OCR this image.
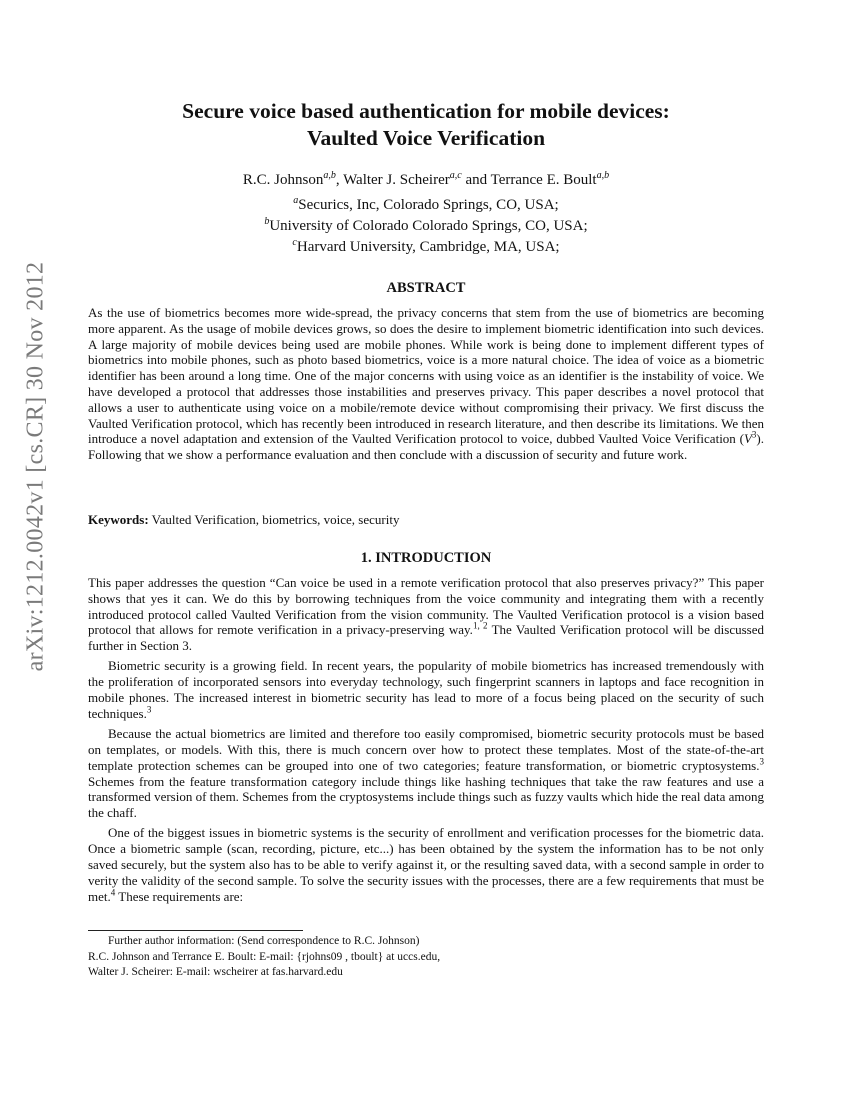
arXiv:1212.0042v1 [cs.CR] 30 Nov 2012
Secure voice based authentication for mobile devices:
Vaulted Voice Verification
R.C. Johnson$^{a,b}$, Walter J. Scheirer$^{a,c}$ and Terrance E. Boult$^{a,b}$
$^a$Securics, Inc, Colorado Springs, CO, USA;
$^b$University of Colorado Colorado Springs, CO, USA;
$^c$Harvard University, Cambridge, MA, USA;
ABSTRACT

As the use of biometrics becomes more wide-spread, the privacy concerns that stem from the use of biometrics are becoming more apparent. As the usage of mobile devices grows, so does the desire to implement biometric identification into such devices. A large majority of mobile devices being used are mobile phones. While work is being done to implement different types of biometrics into mobile phones, such as photo based biometrics, voice is a more natural choice. The idea of voice as a biometric identifier has been around a long time. One of the major concerns with using voice as an identifier is the instability of voice. We have developed a protocol that addresses those instabilities and preserves privacy. This paper describes a novel protocol that allows a user to authenticate using voice on a mobile/remote device without compromising their privacy. We first discuss the Vaulted Verification protocol, which has recently been introduced in research literature, and then describe its limitations. We then introduce a novel adaptation and extension of the Vaulted Verification protocol to voice, dubbed Vaulted Voice Verification (V$^3$). Following that we show a performance evaluation and then conclude with a discussion of security and future work.

Keywords: Vaulted Verification, biometrics, voice, security
1. INTRODUCTION

This paper addresses the question “Can voice be used in a remote verification protocol that also preserves privacy?” This paper shows that yes it can. We do this by borrowing techniques from the voice community and integrating them with a recently introduced protocol called Vaulted Verification from the vision community. The Vaulted Verification protocol is a vision based protocol that allows for remote verification in a privacy-preserving way.$^{1, 2}$ The Vaulted Verification protocol will be discussed further in Section 3.

Biometric security is a growing field. In recent years, the popularity of mobile biometrics has increased tremendously with the proliferation of incorporated sensors into everyday technology, such fingerprint scanners in laptops and face recognition in mobile phones. The increased interest in biometric security has lead to more of a focus being placed on the security of such techniques.$^3$

Because the actual biometrics are limited and therefore too easily compromised, biometric security protocols must be based on templates, or models. With this, there is much concern over how to protect these templates. Most of the state-of-the-art template protection schemes can be grouped into one of two categories; feature transformation, or biometric cryptosystems.$^3$ Schemes from the feature transformation category include things like hashing techniques that take the raw features and use a transformed version of them. Schemes from the cryptosystems include things such as fuzzy vaults which hide the real data among the chaff.

One of the biggest issues in biometric systems is the security of enrollment and verification processes for the biometric data. Once a biometric sample (scan, recording, picture, etc...) has been obtained by the system the information has to be not only saved securely, but the system also has to be able to verify against it, or the resulting saved data, with a second sample in order to verity the validity of the second sample. To solve the security issues with the processes, there are a few requirements that must be met.$^4$ These requirements are:

Further author information: (Send correspondence to R.C. Johnson)
R.C. Johnson and Terrance E. Boult: E-mail: {rjohns09 , tboult} at uccs.edu,
Walter J. Scheirer: E-mail: wscheirer at fas.harvard.edu
